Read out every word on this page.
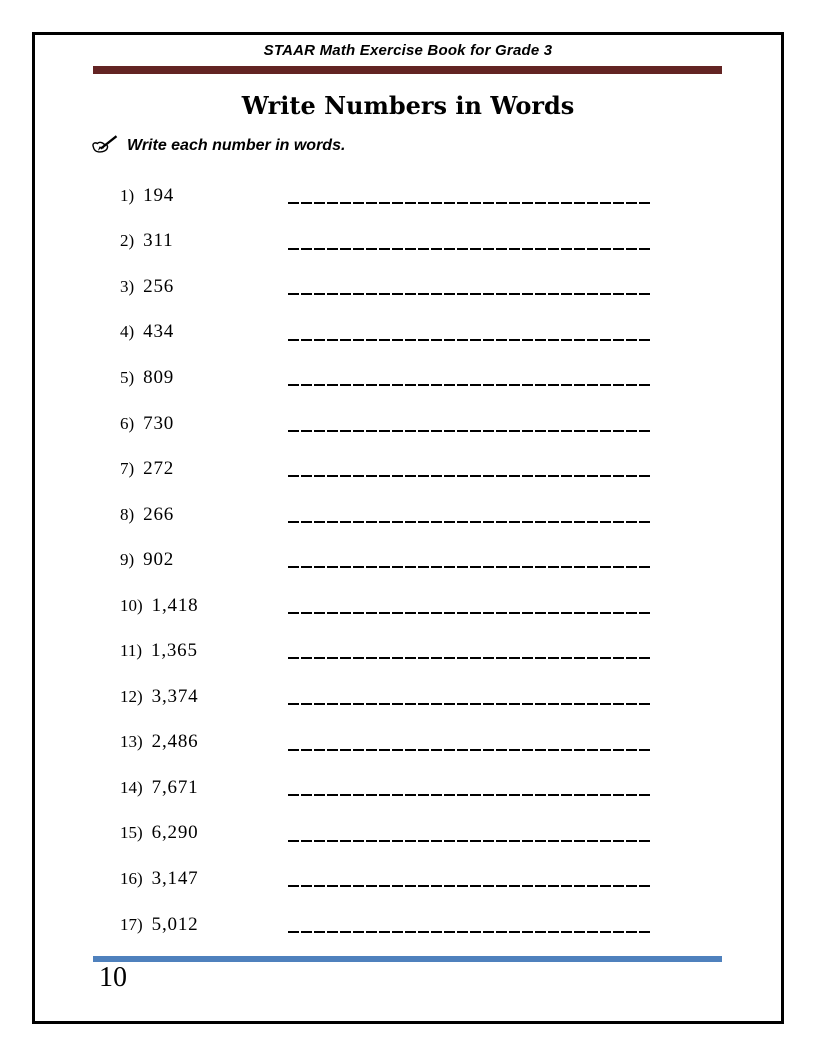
STAAR Math Exercise Book for Grade 3
Write Numbers in Words
Write each number in words.
1) 194
2) 311
3) 256
4) 434
5) 809
6) 730
7) 272
8) 266
9) 902
10) 1,418
11) 1,365
12) 3,374
13) 2,486
14) 7,671
15) 6,290
16) 3,147
17) 5,012
10
